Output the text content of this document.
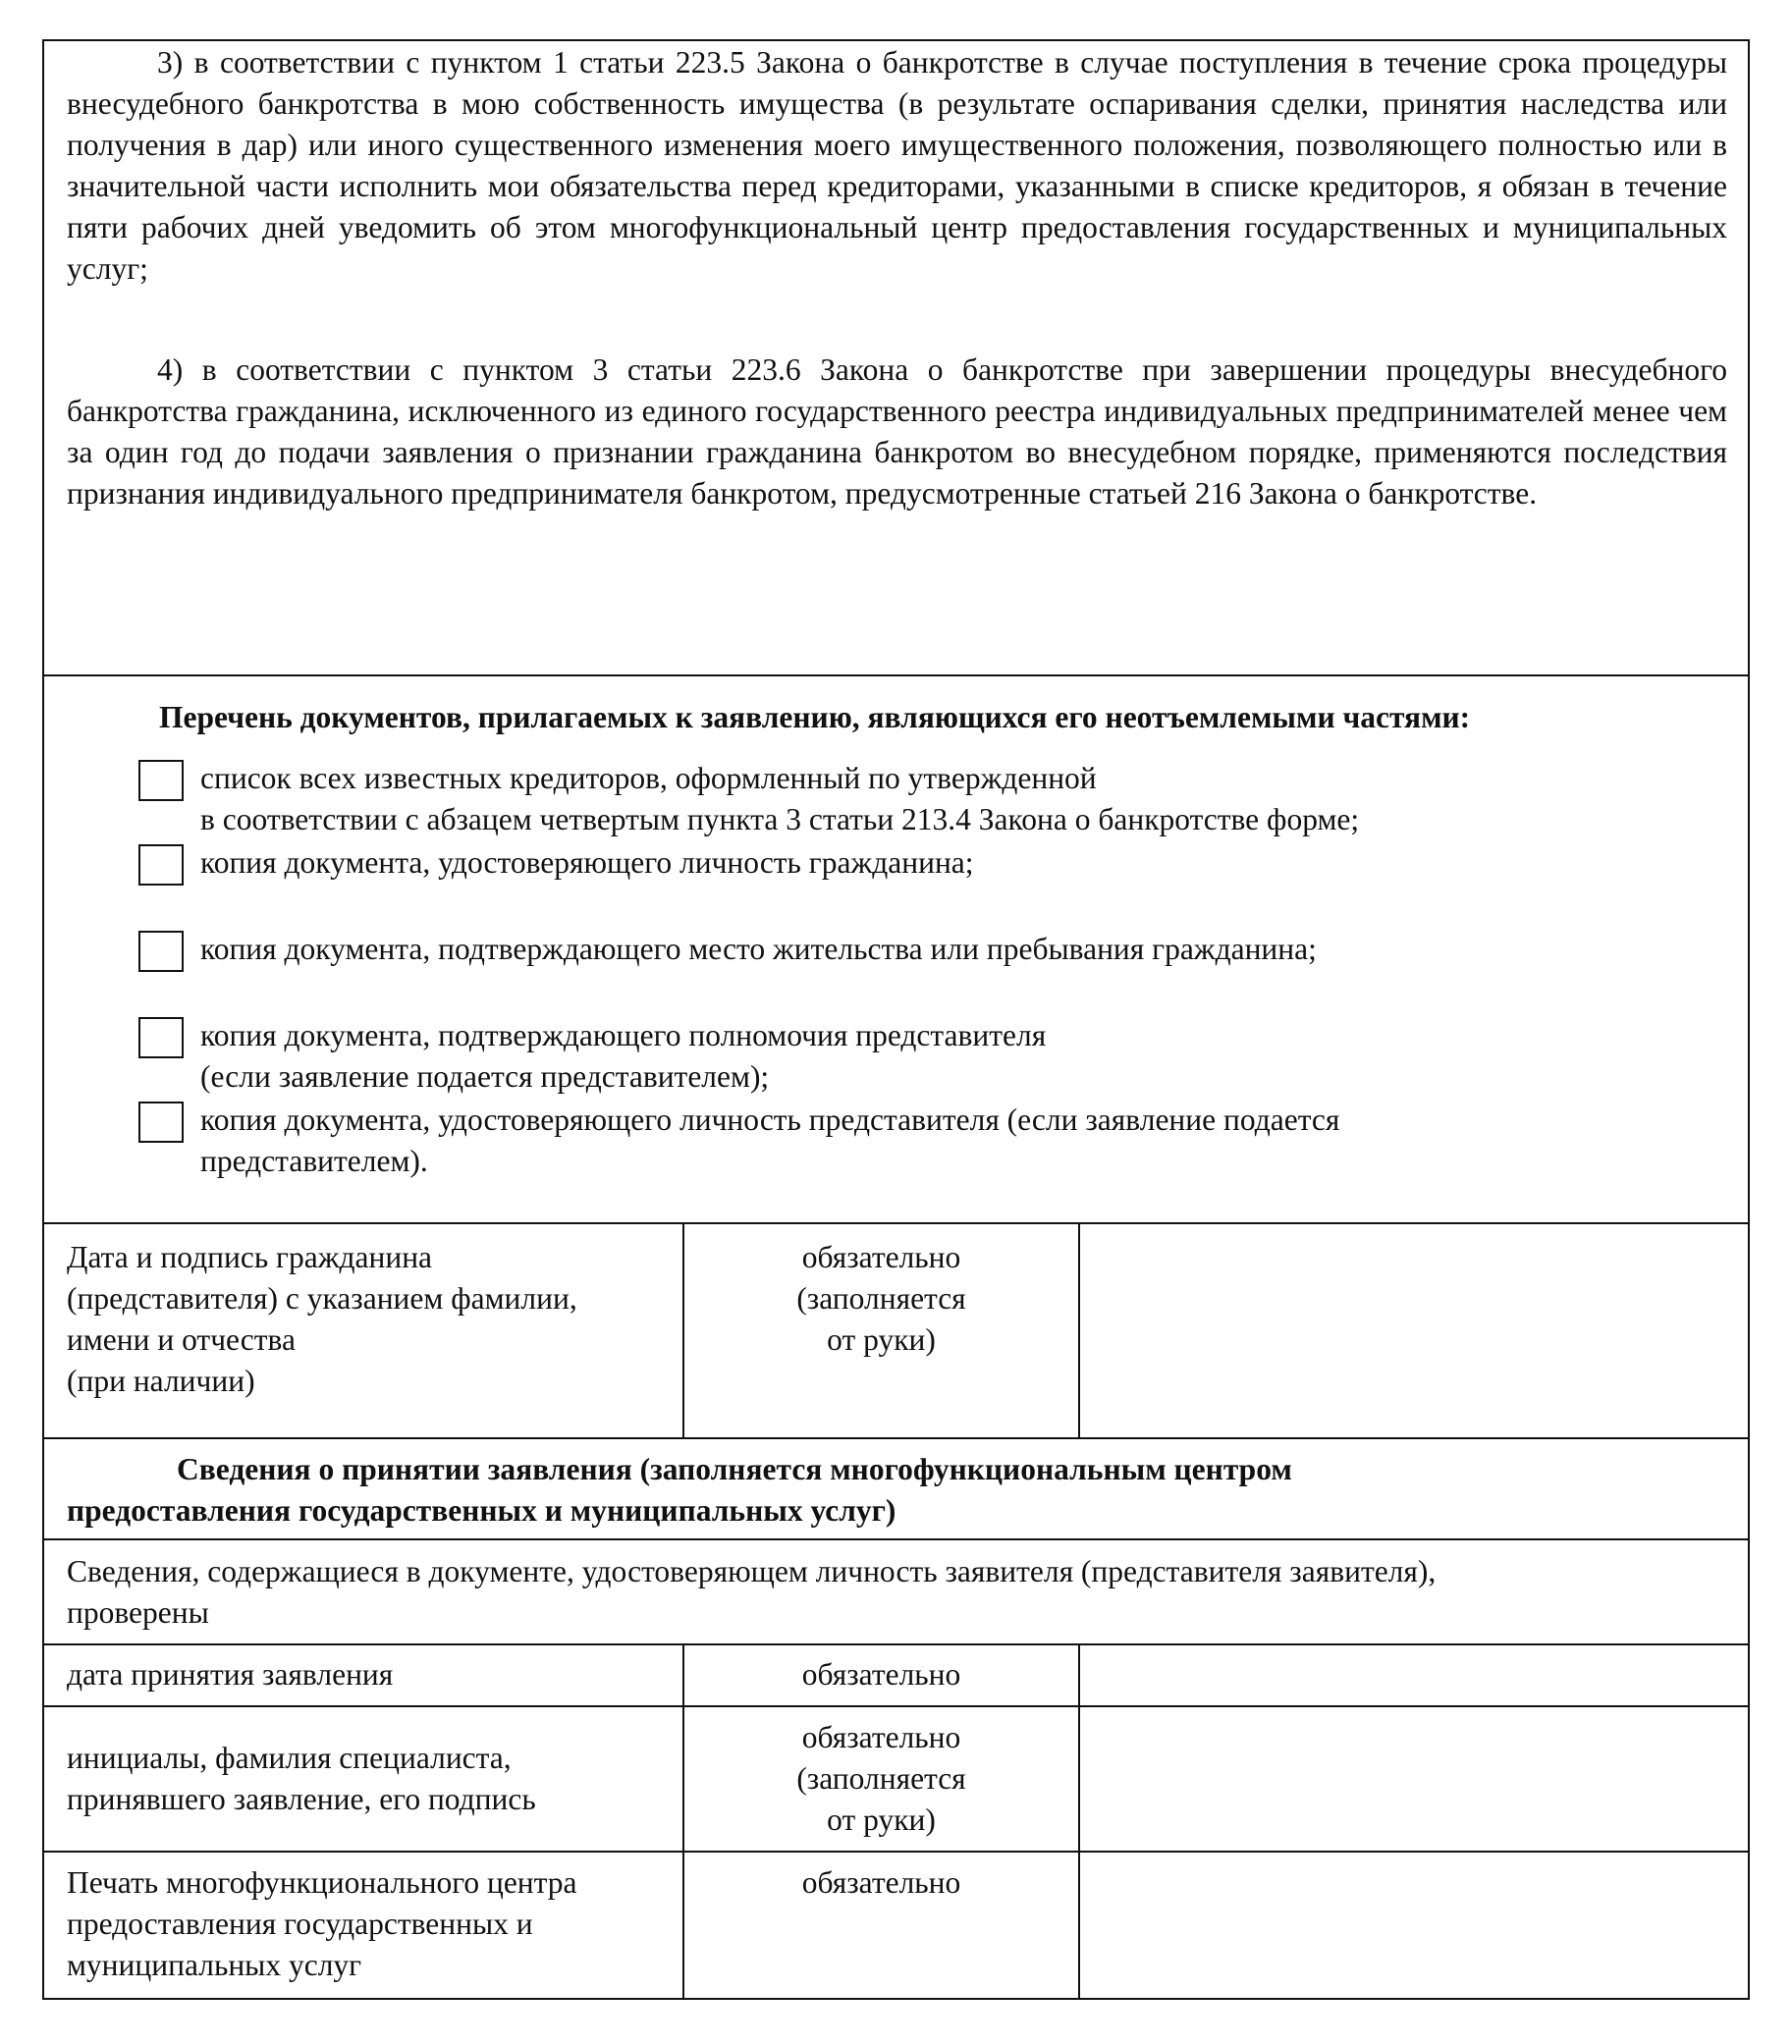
3) в соответствии с пунктом 1 статьи 223.5 Закона о банкротстве в случае поступления в течение срока процедуры внесудебного банкротства в мою собственность имущества (в результате оспаривания сделки, принятия наследства или получения в дар) или иного существенного изменения моего имущественного положения, позволяющего полностью или в значительной части исполнить мои обязательства перед кредиторами, указанными в списке кредиторов, я обязан в течение пяти рабочих дней уведомить об этом многофункциональный центр предоставления государственных и муниципальных услуг;

4) в соответствии с пунктом 3 статьи 223.6 Закона о банкротстве при завершении процедуры внесудебного банкротства гражданина, исключенного из единого государственного реестра индивидуальных предпринимателей менее чем за один год до подачи заявления о признании гражданина банкротом во внесудебном порядке, применяются последствия признания индивидуального предпринимателя банкротом, предусмотренные статьей 216 Закона о банкротстве.

Перечень документов, прилагаемых к заявлению, являющихся его неотъемлемыми частями:

список всех известных кредиторов, оформленный по утвержденной
в соответствии с абзацем четвертым пункта 3 статьи 213.4 Закона о банкротстве форме;
копия документа, удостоверяющего личность гражданина;
копия документа, подтверждающего место жительства или пребывания гражданина;
копия документа, подтверждающего полномочия представителя
(если заявление подается представителем);
копия документа, удостоверяющего личность представителя (если заявление подается
представителем).
Дата и подпись гражданина
(представителя) с указанием фамилии,
имени и отчества
(при наличии)
обязательно
(заполняется
от руки)
Сведения о принятии заявления (заполняется многофункциональным центром
предоставления государственных и муниципальных услуг)
Сведения, содержащиеся в документе, удостоверяющем личность заявителя (представителя заявителя),
проверены
дата принятия заявления	обязательно
инициалы, фамилия специалиста,
принявшего заявление, его подпись
обязательно
(заполняется
от руки)
Печать многофункционального центра
предоставления государственных и
муниципальных услуг
обязательно
